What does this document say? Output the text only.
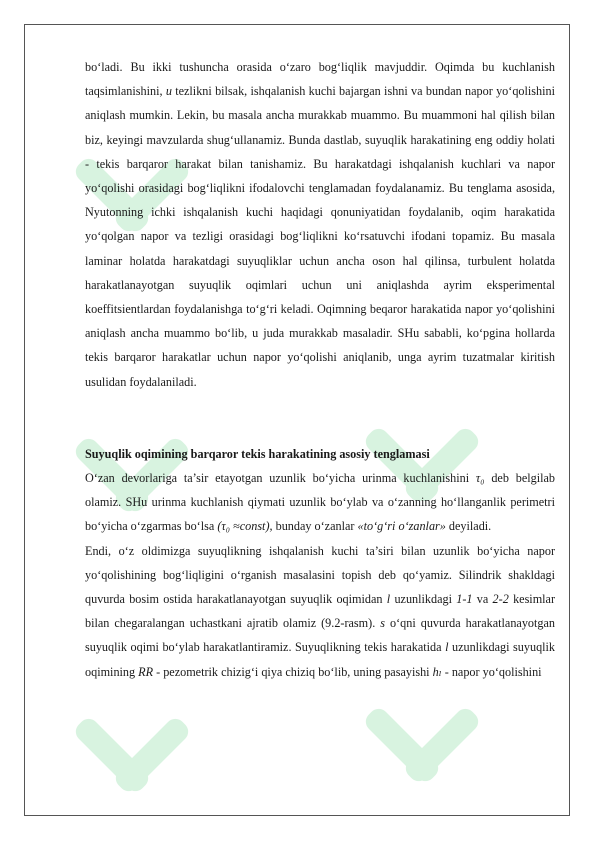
bo‘ladi. Bu ikki tushuncha orasida o‘zaro bog‘liqlik mavjuddir. Oqimda bu kuchlanish taqsimlanishini, u tezlikni bilsak, ishqalanish kuchi bajargan ishni va bundan napor yo‘qolishini aniqlash mumkin. Lekin, bu masala ancha murakkab muammo. Bu muammoni hal qilish bilan biz, keyingi mavzularda shug‘ullanamiz. Bunda dastlab, suyuqlik harakatining eng oddiy holati - tekis barqaror harakat bilan tanishamiz. Bu harakatdagi ishqalanish kuchlari va napor yo‘qolishi orasidagi bog‘liqlikni ifodalovchi tenglamadan foydalanamiz. Bu tenglama asosida, Nyutonning ichki ishqalanish kuchi haqidagi qonuniyatidan foydalanib, oqim harakatida yo‘qolgan napor va tezligi orasidagi bog‘liqlikni ko‘rsatuvchi ifodani topamiz. Bu masala laminar holatda harakatdagi suyuqliklar uchun ancha oson hal qilinsa, turbulent holatda harakatlanayotgan suyuqlik oqimlari uchun uni aniqlashda ayrim eksperimental koeffitsientlardan foydalanishga to‘g‘ri keladi. Oqimning beqaror harakatida napor yo‘qolishini aniqlash ancha muammo bo‘lib, u juda murakkab masaladir. SHu sababli, ko‘pgina hollarda tekis barqaror harakatlar uchun napor yo‘qolishi aniqlanib, unga ayrim tuzatmalar kiritish usulidan foydalaniladi.

Suyuqlik oqimining barqaror tekis harakatining asosiy tenglamasi

O‘zan devorlariga ta’sir etayotgan uzunlik bo‘yicha urinma kuchlanishini τ₀ deb belgilab olamiz. SHu urinma kuchlanish qiymati uzunlik bo‘ylab va o‘zanning ho‘llanganlik perimetri bo‘yicha o‘zgarmas bo‘lsa (τ₀ ≈const), bunday o‘zanlar «to‘g‘ri o‘zanlar» deyiladi.

Endi, o‘z oldimizga suyuqlikning ishqalanish kuchi ta’siri bilan uzunlik bo‘yicha napor yo‘qolishining bog‘liqligini o‘rganish masalasini topish deb qo‘yamiz. Silindrik shakldagi quvurda bosim ostida harakatlanayotgan suyuqlik oqimidan l uzunlikdagi 1-1 va 2-2 kesimlar bilan chegaralangan uchastkani ajratib olamiz (9.2-rasm). s o‘qni quvurda harakatlanayotgan suyuqlik oqimi bo‘ylab harakatlantiramiz. Suyuqlikning tekis harakatida l uzunlikdagi suyuqlik oqimining RR - pezometrik chizig‘i qiya chiziq bo‘lib, uning pasayishi hₗ - napor yo‘qolishini
